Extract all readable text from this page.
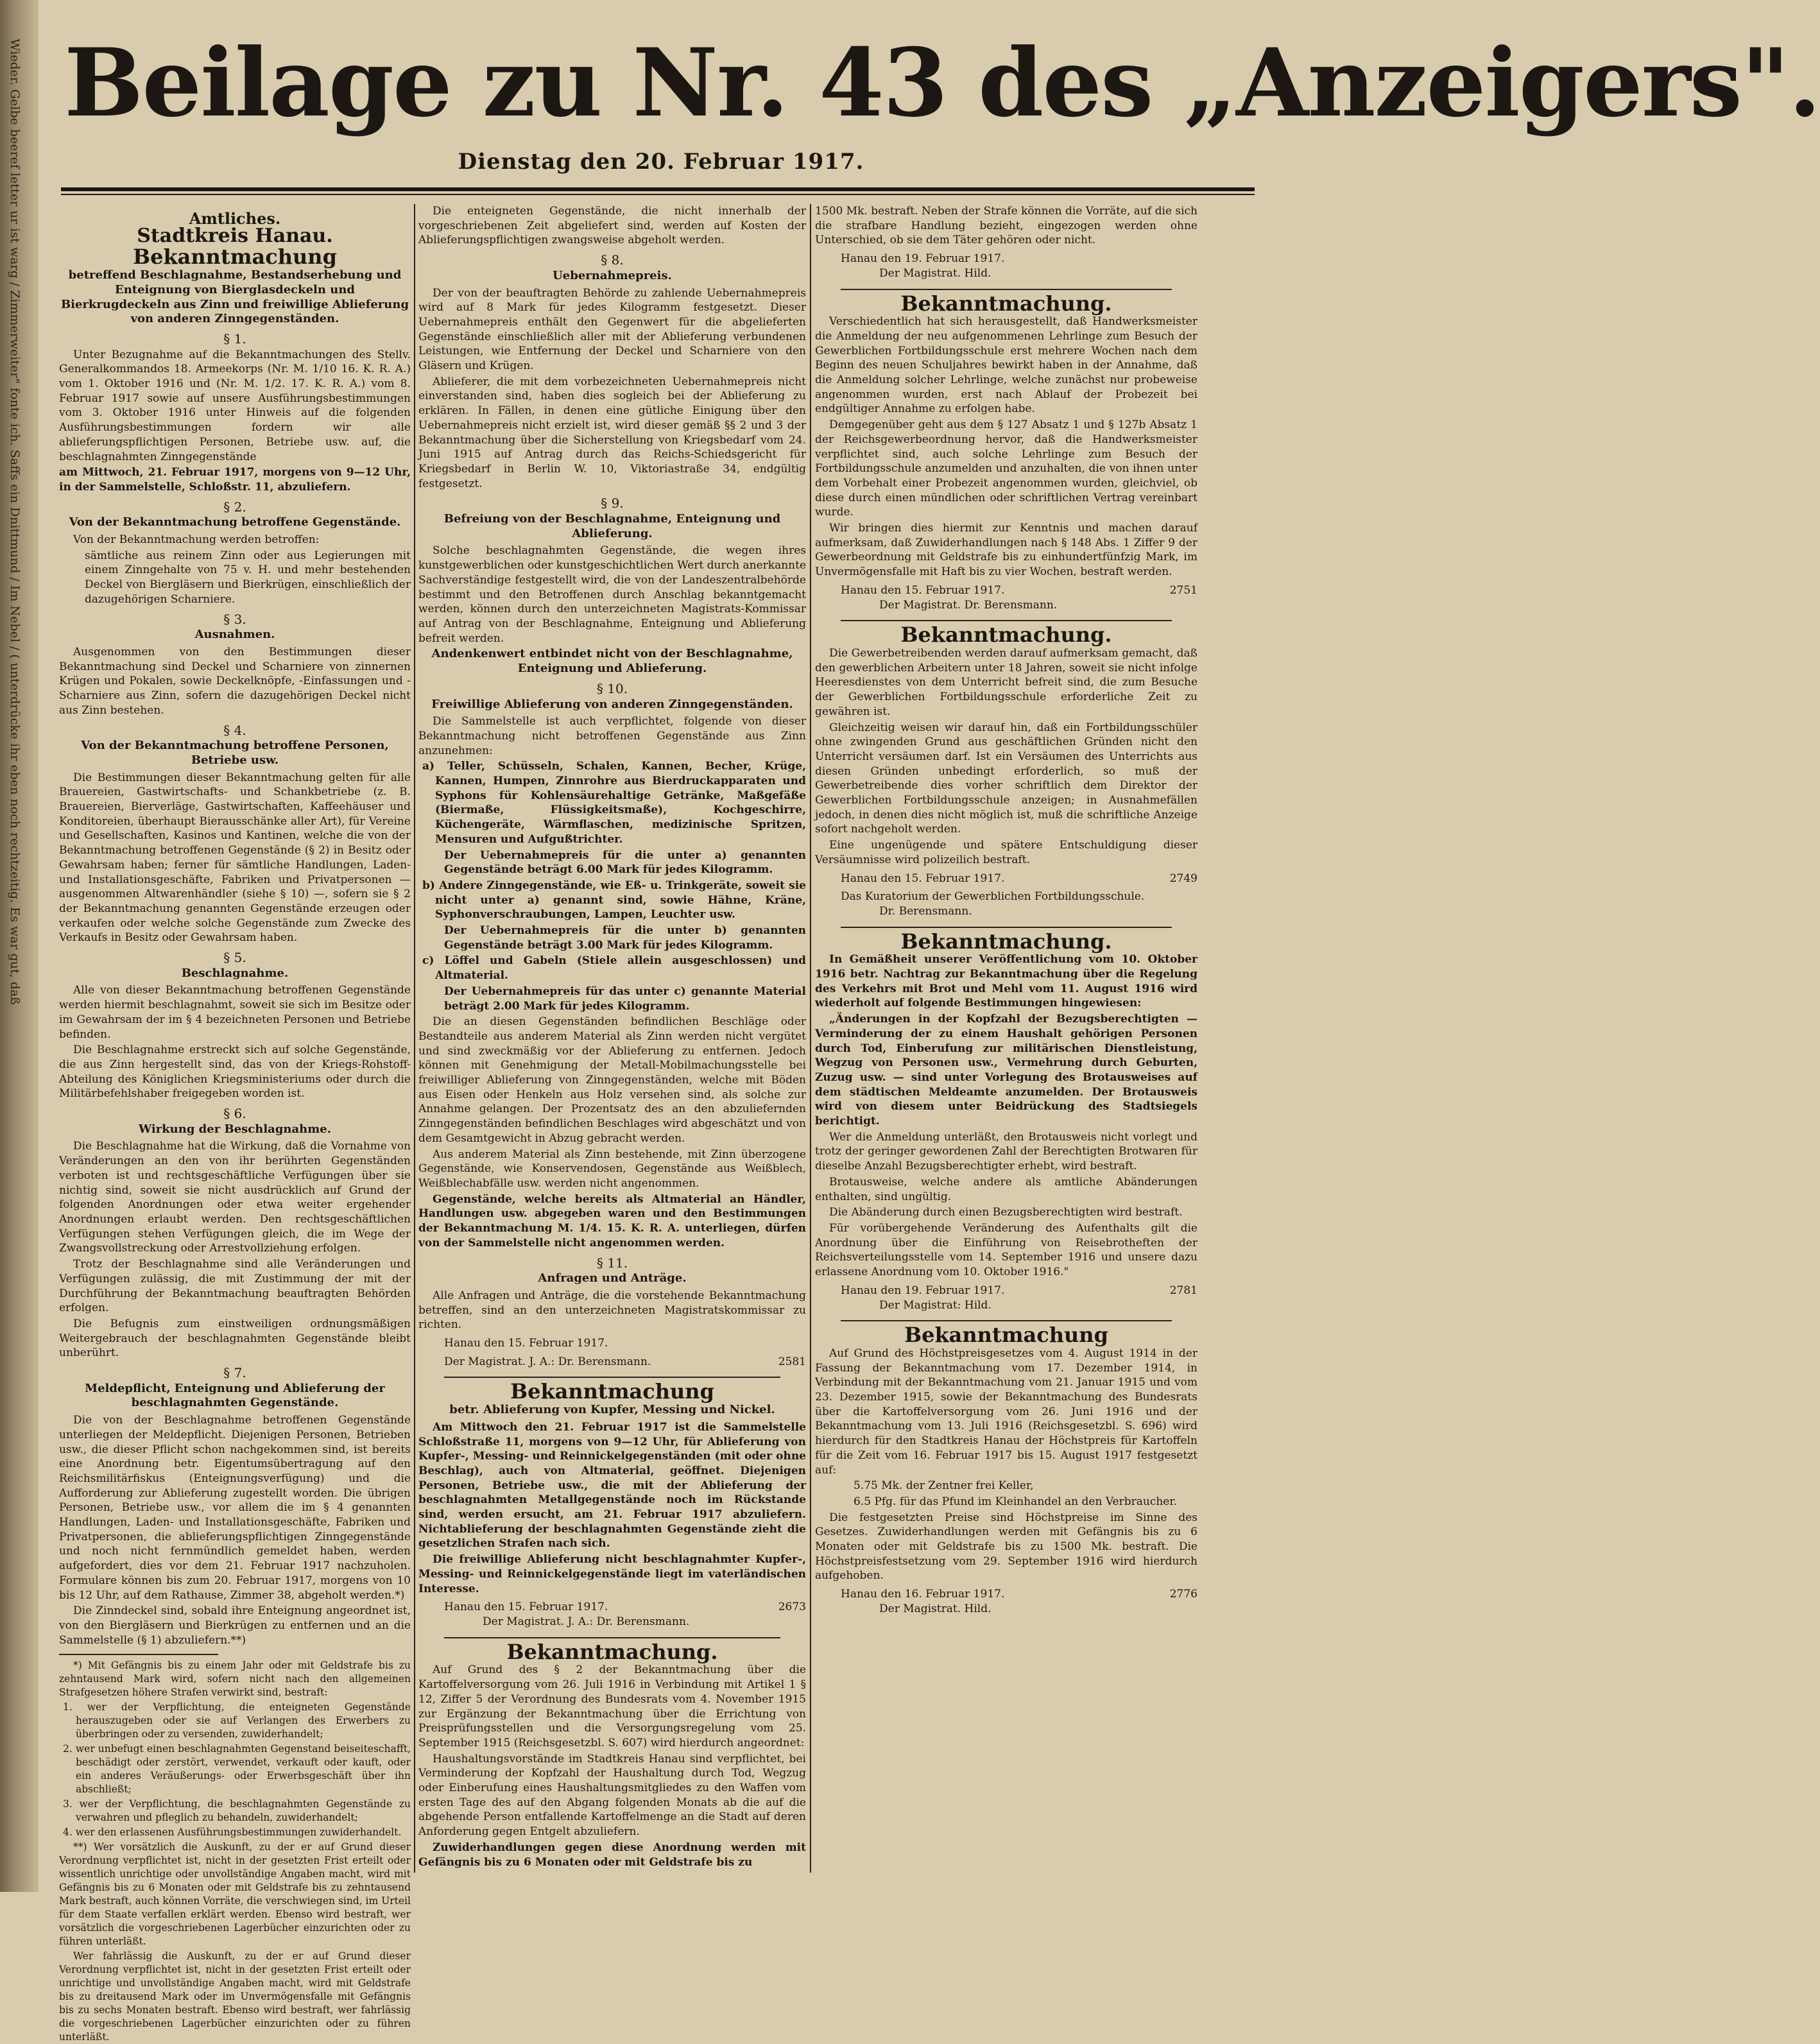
Wieder. Gelbe beeref letter ur ist warg / Zimmerweiter" fonte ich. Saffs ein Dnittmund / Im Nebel / ( unterdrücke ihr eben noch rechtzeitig. Es war gut, daß Beilage zu Nr. 43 des „Anzeigers".
Dienstag den 20. Februar 1917.
Amtliches.
Stadtkreis Hanau.
Bekanntmachung
betreffend Beschlagnahme, Bestandserhebung und Enteignung von Bierglasdeckeln und Bierkrugdeckeln aus Zinn und freiwillige Ablieferung von anderen Zinngegenständen.
§ 1.
Unter Bezugnahme auf die Bekanntmachungen des Stellv. Generalkommandos 18. Armeekorps (Nr. M. 1/10 16. K. R. A.) vom 1. Oktober 1916 und (Nr. M. 1/2. 17. K. R. A.) vom 8. Februar 1917 sowie auf unsere Ausführungsbestimmungen vom 3. Oktober 1916 unter Hinweis auf die folgenden Ausführungsbestimmungen fordern wir alle ablieferungspflichtigen Personen, Betriebe usw. auf, die beschlagnahmten Zinngegenstände
am Mittwoch, 21. Februar 1917, morgens von 9—12 Uhr, in der Sammelstelle, Schloßstr. 11, abzuliefern.
§ 2.
Von der Bekanntmachung betroffene Gegenstände.
Von der Bekanntmachung werden betroffen:
sämtliche aus reinem Zinn oder aus Legierungen mit einem Zinngehalte von 75 v. H. und mehr bestehenden Deckel von Biergläsern und Bierkrügen, einschließlich der dazugehörigen Scharniere.
§ 3.
Ausnahmen.
Ausgenommen von den Bestimmungen dieser Bekanntmachung sind Deckel und Scharniere von zinnernen Krügen und Pokalen, sowie Deckelknöpfe, -Einfassungen und -Scharniere aus Zinn, sofern die dazugehörigen Deckel nicht aus Zinn bestehen.
§ 4.
Von der Bekanntmachung betroffene Personen, Betriebe usw.
Die Bestimmungen dieser Bekanntmachung gelten für alle Brauereien, Gastwirtschafts- und Schankbetriebe (z. B. Brauereien, Bierverläge, Gastwirtschaften, Kaffeehäuser und Konditoreien, überhaupt Bierausschänke aller Art), für Vereine und Gesellschaften, Kasinos und Kantinen, welche die von der Bekanntmachung betroffenen Gegenstände (§ 2) in Besitz oder Gewahrsam haben; ferner für sämtliche Handlungen, Laden- und Installationsgeschäfte, Fabriken und Privatpersonen — ausgenommen Altwarenhändler (siehe § 10) —, sofern sie § 2 der Bekanntmachung genannten Gegenstände erzeugen oder verkaufen oder welche solche Gegenstände zum Zwecke des Verkaufs in Besitz oder Gewahrsam haben.
§ 5.
Beschlagnahme.
Alle von dieser Bekanntmachung betroffenen Gegenstände werden hiermit beschlagnahmt, soweit sie sich im Besitze oder im Gewahrsam der im § 4 bezeichneten Personen und Betriebe befinden.
Die Beschlagnahme erstreckt sich auf solche Gegenstände, die aus Zinn hergestellt sind, das von der Kriegs-Rohstoff-Abteilung des Königlichen Kriegsministeriums oder durch die Militärbefehlshaber freigegeben worden ist.
§ 6.
Wirkung der Beschlagnahme.
Die Beschlagnahme hat die Wirkung, daß die Vornahme von Veränderungen an den von ihr berührten Gegenständen verboten ist und rechtsgeschäftliche Verfügungen über sie nichtig sind, soweit sie nicht ausdrücklich auf Grund der folgenden Anordnungen oder etwa weiter ergehender Anordnungen erlaubt werden. Den rechtsgeschäftlichen Verfügungen stehen Verfügungen gleich, die im Wege der Zwangsvollstreckung oder Arrestvollziehung erfolgen.
Trotz der Beschlagnahme sind alle Veränderungen und Verfügungen zulässig, die mit Zustimmung der mit der Durchführung der Bekanntmachung beauftragten Behörden erfolgen.
Die Befugnis zum einstweiligen ordnungsmäßigen Weitergebrauch der beschlagnahmten Gegenstände bleibt unberührt.
§ 7.
Meldepflicht, Enteignung und Ablieferung der beschlagnahmten Gegenstände.
Die von der Beschlagnahme betroffenen Gegenstände unterliegen der Meldepflicht. Diejenigen Personen, Betrieben usw., die dieser Pflicht schon nachgekommen sind, ist bereits eine Anordnung betr. Eigentumsübertragung auf den Reichsmilitärfiskus (Enteignungsverfügung) und die Aufforderung zur Ablieferung zugestellt worden. Die übrigen Personen, Betriebe usw., vor allem die im § 4 genannten Handlungen, Laden- und Installationsgeschäfte, Fabriken und Privatpersonen, die ablieferungspflichtigen Zinngegenstände und noch nicht fernmündlich gemeldet haben, werden aufgefordert, dies vor dem 21. Februar 1917 nachzuholen. Formulare können bis zum 20. Februar 1917, morgens von 10 bis 12 Uhr, auf dem Rathause, Zimmer 38, abgeholt werden.*)
Die Zinndeckel sind, sobald ihre Enteignung angeordnet ist, von den Biergläsern und Bierkrügen zu entfernen und an die Sammelstelle (§ 1) abzuliefern.**)
*) Mit Gefängnis bis zu einem Jahr oder mit Geldstrafe bis zu zehntausend Mark wird, sofern nicht nach den allgemeinen Strafgesetzen höhere Strafen verwirkt sind, bestraft:
1. wer der Verpflichtung, die enteigneten Gegenstände herauszugeben oder sie auf Verlangen des Erwerbers zu überbringen oder zu versenden, zuwiderhandelt;
2. wer unbefugt einen beschlagnahmten Gegenstand beiseiteschafft, beschädigt oder zerstört, verwendet, verkauft oder kauft, oder ein anderes Veräußerungs- oder Erwerbsgeschäft über ihn abschließt;
3. wer der Verpflichtung, die beschlagnahmten Gegenstände zu verwahren und pfleglich zu behandeln, zuwiderhandelt;
4. wer den erlassenen Ausführungsbestimmungen zuwiderhandelt.
**) Wer vorsätzlich die Auskunft, zu der er auf Grund dieser Verordnung verpflichtet ist, nicht in der gesetzten Frist erteilt oder wissentlich unrichtige oder unvollständige Angaben macht, wird mit Gefängnis bis zu 6 Monaten oder mit Geldstrafe bis zu zehntausend Mark bestraft, auch können Vorräte, die verschwiegen sind, im Urteil für dem Staate verfallen erklärt werden. Ebenso wird bestraft, wer vorsätzlich die vorgeschriebenen Lagerbücher einzurichten oder zu führen unterläßt.
Wer fahrlässig die Auskunft, zu der er auf Grund dieser Verordnung verpflichtet ist, nicht in der gesetzten Frist erteilt oder unrichtige und unvollständige Angaben macht, wird mit Geldstrafe bis zu dreitausend Mark oder im Unvermögensfalle mit Gefängnis bis zu sechs Monaten bestraft. Ebenso wird bestraft, wer fahrlässig die vorgeschriebenen Lagerbücher einzurichten oder zu führen unterläßt.
Die enteigneten Gegenstände, die nicht innerhalb der vorgeschriebenen Zeit abgeliefert sind, werden auf Kosten der Ablieferungspflichtigen zwangsweise abgeholt werden.
§ 8.
Uebernahmepreis.
Der von der beauftragten Behörde zu zahlende Uebernahmepreis wird auf 8 Mark für jedes Kilogramm festgesetzt. Dieser Uebernahmepreis enthält den Gegenwert für die abgelieferten Gegenstände einschließlich aller mit der Ablieferung verbundenen Leistungen, wie Entfernung der Deckel und Scharniere von den Gläsern und Krügen.
Ablieferer, die mit dem vorbezeichneten Uebernahmepreis nicht einverstanden sind, haben dies sogleich bei der Ablieferung zu erklären. In Fällen, in denen eine gütliche Einigung über den Uebernahmepreis nicht erzielt ist, wird dieser gemäß §§ 2 und 3 der Bekanntmachung über die Sicherstellung von Kriegsbedarf vom 24. Juni 1915 auf Antrag durch das Reichs-Schiedsgericht für Kriegsbedarf in Berlin W. 10, Viktoriastraße 34, endgültig festgesetzt.
§ 9.
Befreiung von der Beschlagnahme, Enteignung und Ablieferung.
Solche beschlagnahmten Gegenstände, die wegen ihres kunstgewerblichen oder kunstgeschichtlichen Wert durch anerkannte Sachverständige festgestellt wird, die von der Landeszentralbehörde bestimmt und den Betroffenen durch Anschlag bekanntgemacht werden, können durch den unterzeichneten Magistrats-Kommissar auf Antrag von der Beschlagnahme, Enteignung und Ablieferung befreit werden.
Andenkenwert entbindet nicht von der Beschlagnahme, Enteignung und Ablieferung.
§ 10.
Freiwillige Ablieferung von anderen Zinngegenständen.
Die Sammelstelle ist auch verpflichtet, folgende von dieser Bekanntmachung nicht betroffenen Gegenstände aus Zinn anzunehmen:
a) Teller, Schüsseln, Schalen, Kannen, Becher, Krüge, Kannen, Humpen, Zinnrohre aus Bierdruckapparaten und Syphons für Kohlensäurehaltige Getränke, Maßgefäße (Biermaße, Flüssigkeitsmaße), Kochgeschirre, Küchengeräte, Wärmflaschen, medizinische Spritzen, Mensuren und Aufgußtrichter.
Der Uebernahmepreis für die unter a) genannten Gegenstände beträgt 6.00 Mark für jedes Kilogramm.
b) Andere Zinngegenstände, wie Eß- u. Trinkgeräte, soweit sie nicht unter a) genannt sind, sowie Hähne, Kräne, Syphonverschraubungen, Lampen, Leuchter usw.
Der Uebernahmepreis für die unter b) genannten Gegenstände beträgt 3.00 Mark für jedes Kilogramm.
c) Löffel und Gabeln (Stiele allein ausgeschlossen) und Altmaterial.
Der Uebernahmepreis für das unter c) genannte Material beträgt 2.00 Mark für jedes Kilogramm.
Die an diesen Gegenständen befindlichen Beschläge oder Bestandteile aus anderem Material als Zinn werden nicht vergütet und sind zweckmäßig vor der Ablieferung zu entfernen. Jedoch können mit Genehmigung der Metall-Mobilmachungsstelle bei freiwilliger Ablieferung von Zinngegenständen, welche mit Böden aus Eisen oder Henkeln aus Holz versehen sind, als solche zur Annahme gelangen. Der Prozentsatz des an den abzuliefernden Zinngegenständen befindlichen Beschlages wird abgeschätzt und von dem Gesamtgewicht in Abzug gebracht werden.
Aus anderem Material als Zinn bestehende, mit Zinn überzogene Gegenstände, wie Konservendosen, Gegenstände aus Weißblech, Weißblechabfälle usw. werden nicht angenommen.
Gegenstände, welche bereits als Altmaterial an Händler, Handlungen usw. abgegeben waren und den Bestimmungen der Bekanntmachung M. 1/4. 15. K. R. A. unterliegen, dürfen von der Sammelstelle nicht angenommen werden.
§ 11.
Anfragen und Anträge.
Alle Anfragen und Anträge, die die vorstehende Bekanntmachung betreffen, sind an den unterzeichneten Magistratskommissar zu richten.
Hanau den 15. Februar 1917.
Der Magistrat. J. A.: Dr. Berensmann.	2581
Bekanntmachung
betr. Ablieferung von Kupfer, Messing und Nickel.
Am Mittwoch den 21. Februar 1917 ist die Sammelstelle Schloßstraße 11, morgens von 9—12 Uhr, für Ablieferung von Kupfer-, Messing- und Reinnickelgegenständen (mit oder ohne Beschlag), auch von Altmaterial, geöffnet. Diejenigen Personen, Betriebe usw., die mit der Ablieferung der beschlagnahmten Metallgegenstände noch im Rückstande sind, werden ersucht, am 21. Februar 1917 abzuliefern. Nichtablieferung der beschlagnahmten Gegenstände zieht die gesetzlichen Strafen nach sich.
Die freiwillige Ablieferung nicht beschlagnahmter Kupfer-, Messing- und Reinnickelgegenstände liegt im vaterländischen Interesse.
Hanau den 15. Februar 1917.	2673
Der Magistrat. J. A.: Dr. Berensmann.
Bekanntmachung.
Auf Grund des § 2 der Bekanntmachung über die Kartoffelversorgung vom 26. Juli 1916 in Verbindung mit Artikel 1 § 12, Ziffer 5 der Verordnung des Bundesrats vom 4. November 1915 zur Ergänzung der Bekanntmachung über die Errichtung von Preisprüfungsstellen und die Versorgungsregelung vom 25. September 1915 (Reichsgesetzbl. S. 607) wird hierdurch angeordnet:
Haushaltungsvorstände im Stadtkreis Hanau sind verpflichtet, bei Verminderung der Kopfzahl der Haushaltung durch Tod, Wegzug oder Einberufung eines Haushaltungsmitgliedes zu den Waffen vom ersten Tage des auf den Abgang folgenden Monats ab die auf die abgehende Person entfallende Kartoffelmenge an die Stadt auf deren Anforderung gegen Entgelt abzuliefern.
Zuwiderhandlungen gegen diese Anordnung werden mit Gefängnis bis zu 6 Monaten oder mit Geldstrafe bis zu
1500 Mk. bestraft. Neben der Strafe können die Vorräte, auf die sich die strafbare Handlung bezieht, eingezogen werden ohne Unterschied, ob sie dem Täter gehören oder nicht.
Hanau den 19. Februar 1917.
Der Magistrat. Hild.
Bekanntmachung.
Verschiedentlich hat sich herausgestellt, daß Handwerksmeister die Anmeldung der neu aufgenommenen Lehrlinge zum Besuch der Gewerblichen Fortbildungsschule erst mehrere Wochen nach dem Beginn des neuen Schuljahres bewirkt haben in der Annahme, daß die Anmeldung solcher Lehrlinge, welche zunächst nur probeweise angenommen wurden, erst nach Ablauf der Probezeit bei endgültiger Annahme zu erfolgen habe.
Demgegenüber geht aus dem § 127 Absatz 1 und § 127b Absatz 1 der Reichsgewerbeordnung hervor, daß die Handwerksmeister verpflichtet sind, auch solche Lehrlinge zum Besuch der Fortbildungsschule anzumelden und anzuhalten, die von ihnen unter dem Vorbehalt einer Probezeit angenommen wurden, gleichviel, ob diese durch einen mündlichen oder schriftlichen Vertrag vereinbart wurde.
Wir bringen dies hiermit zur Kenntnis und machen darauf aufmerksam, daß Zuwiderhandlungen nach § 148 Abs. 1 Ziffer 9 der Gewerbeordnung mit Geldstrafe bis zu einhundertfünfzig Mark, im Unvermögensfalle mit Haft bis zu vier Wochen, bestraft werden.
Hanau den 15. Februar 1917.	2751
Der Magistrat. Dr. Berensmann.
Bekanntmachung.
Die Gewerbetreibenden werden darauf aufmerksam gemacht, daß den gewerblichen Arbeitern unter 18 Jahren, soweit sie nicht infolge Heeresdienstes von dem Unterricht befreit sind, die zum Besuche der Gewerblichen Fortbildungsschule erforderliche Zeit zu gewähren ist.
Gleichzeitig weisen wir darauf hin, daß ein Fortbildungsschüler ohne zwingenden Grund aus geschäftlichen Gründen nicht den Unterricht versäumen darf. Ist ein Versäumen des Unterrichts aus diesen Gründen unbedingt erforderlich, so muß der Gewerbetreibende dies vorher schriftlich dem Direktor der Gewerblichen Fortbildungsschule anzeigen; in Ausnahmefällen jedoch, in denen dies nicht möglich ist, muß die schriftliche Anzeige sofort nachgeholt werden.
Eine ungenügende und spätere Entschuldigung dieser Versäumnisse wird polizeilich bestraft.
Hanau den 15. Februar 1917.	2749
Das Kuratorium der Gewerblichen Fortbildungsschule.
Dr. Berensmann.
Bekanntmachung.
In Gemäßheit unserer Veröffentlichung vom 10. Oktober 1916 betr. Nachtrag zur Bekanntmachung über die Regelung des Verkehrs mit Brot und Mehl vom 11. August 1916 wird wiederholt auf folgende Bestimmungen hingewiesen:
„Änderungen in der Kopfzahl der Bezugsberechtigten — Verminderung der zu einem Haushalt gehörigen Personen durch Tod, Einberufung zur militärischen Dienstleistung, Wegzug von Personen usw., Vermehrung durch Geburten, Zuzug usw. — sind unter Vorlegung des Brotausweises auf dem städtischen Meldeamte anzumelden. Der Brotausweis wird von diesem unter Beidrückung des Stadtsiegels berichtigt.
Wer die Anmeldung unterläßt, den Brotausweis nicht vorlegt und trotz der geringer gewordenen Zahl der Berechtigten Brotwaren für dieselbe Anzahl Bezugsberechtigter erhebt, wird bestraft.
Brotausweise, welche andere als amtliche Abänderungen enthalten, sind ungültig.
Die Abänderung durch einen Bezugsberechtigten wird bestraft.
Für vorübergehende Veränderung des Aufenthalts gilt die Anordnung über die Einführung von Reisebrotheften der Reichsverteilungsstelle vom 14. September 1916 und unsere dazu erlassene Anordnung vom 10. Oktober 1916."
Hanau den 19. Februar 1917.	2781
Der Magistrat: Hild.
Bekanntmachung
Auf Grund des Höchstpreisgesetzes vom 4. August 1914 in der Fassung der Bekanntmachung vom 17. Dezember 1914, in Verbindung mit der Bekanntmachung vom 21. Januar 1915 und vom 23. Dezember 1915, sowie der Bekanntmachung des Bundesrats über die Kartoffelversorgung vom 26. Juni 1916 und der Bekanntmachung vom 13. Juli 1916 (Reichsgesetzbl. S. 696) wird hierdurch für den Stadtkreis Hanau der Höchstpreis für Kartoffeln für die Zeit vom 16. Februar 1917 bis 15. August 1917 festgesetzt auf:
5.75 Mk. der Zentner frei Keller,
6.5 Pfg. für das Pfund im Kleinhandel an den Verbraucher.
Die festgesetzten Preise sind Höchstpreise im Sinne des Gesetzes. Zuwiderhandlungen werden mit Gefängnis bis zu 6 Monaten oder mit Geldstrafe bis zu 1500 Mk. bestraft. Die Höchstpreisfestsetzung vom 29. September 1916 wird hierdurch aufgehoben.
Hanau den 16. Februar 1917.	2776
Der Magistrat. Hild.
